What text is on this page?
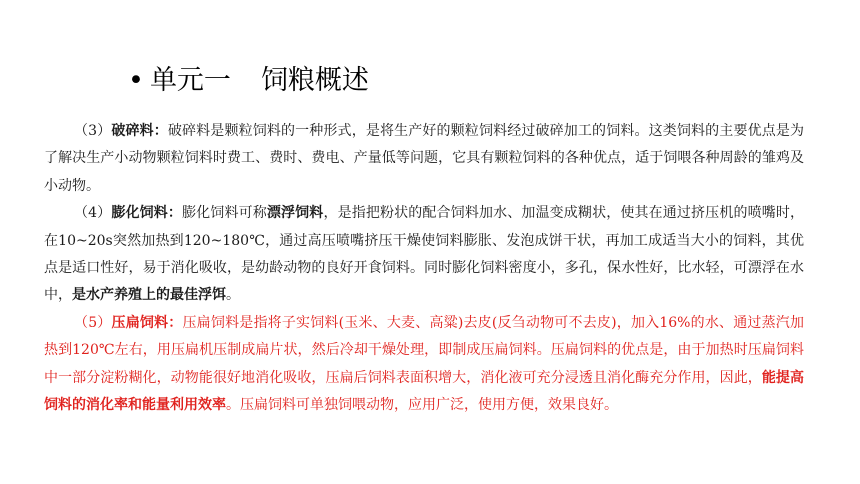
• 单元一 饲粮概述

（3）破碎料：破碎料是颗粒饲料的一种形式，是将生产好的颗粒饲料经过破碎加工的饲料。这类饲料的主要优点是为了解决生产小动物颗粒饲料时费工、费时、费电、产量低等问题，它具有颗粒饲料的各种优点，适于饲喂各种周龄的雏鸡及小动物。

（4）膨化饲料：膨化饲料可称漂浮饲料，是指把粉状的配合饲料加水、加温变成糊状，使其在通过挤压机的喷嘴时，在10~20s突然加热到120~180℃，通过高压喷嘴挤压干燥使饲料膨胀、发泡成饼干状，再加工成适当大小的饲料，其优点是适口性好，易于消化吸收，是幼龄动物的良好开食饲料。同时膨化饲料密度小，多孔，保水性好，比水轻，可漂浮在水中，是水产养殖上的最佳浮饵。

（5）压扁饲料：压扁饲料是指将子实饲料(玉米、大麦、高粱)去皮(反刍动物可不去皮)，加入16%的水、通过蒸汽加热到120℃左右，用压扁机压制成扁片状，然后冷却干燥处理，即制成压扁饲料。压扁饲料的优点是，由于加热时压扁饲料中一部分淀粉糊化，动物能很好地消化吸收，压扁后饲料表面积增大，消化液可充分浸透且消化酶充分作用，因此，能提高饲料的消化率和能量利用效率。压扁饲料可单独饲喂动物，应用广泛，使用方便，效果良好。
